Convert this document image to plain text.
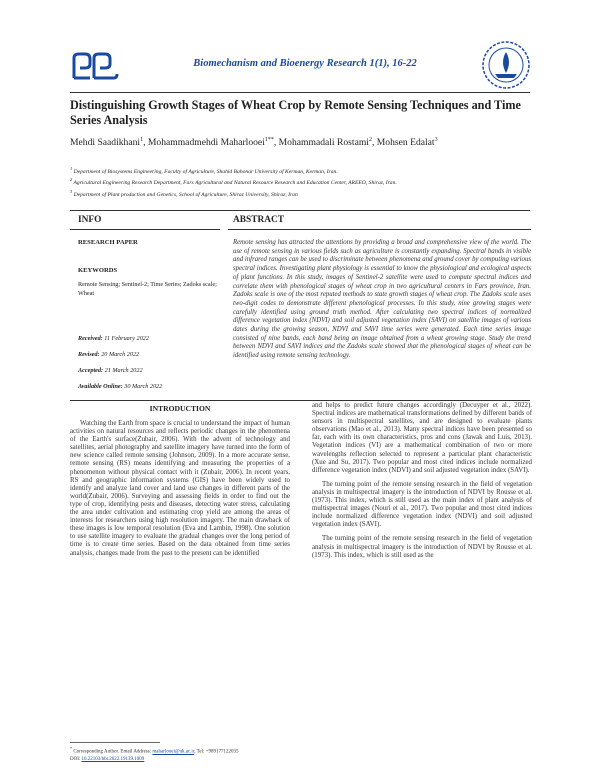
Biomechanism and Bioenergy Research 1(1), 16-22
Distinguishing Growth Stages of Wheat Crop by Remote Sensing Techniques and Time Series Analysis
Mehdi Saadikhani$^1$, Mohammadmehdi Maharlooei$^{1**}$, Mohammadali Rostami$^2$, Mohsen Edalat$^3$
$^1$ Department of Biosystems Engineering, Faculty of Agriculture, Shahid Bahonar University of Kerman, Kerman, Iran.
$^2$ Agricultural Engineering Research Department, Fars Agricultural and Natural Resource Research and Education Center, AREEO, Shiraz, Iran.
$^3$ Department of Plant production and Genetics, School of Agriculture, Shiraz University, Shiraz, Iran
INFO
RESEARCH PAPER
KEYWORDS
Remote Sensing; Sentinel-2; Time Series; Zadoks scale; Wheat
Received: 11 February 2022
Revised: 20 March 2022
Accepted: 21 March 2022
Available Online: 30 March 2022
ABSTRACT
Remote sensing has attracted the attentions by providing a broad and comprehensive view of the world. The use of remote sensing in various fields such as agriculture is constantly expanding. Spectral bands in visible and infrared ranges can be used to discriminate between phenomena and ground cover by computing various spectral indices. Investigating plant physiology is essential to know the physiological and ecological aspects of plant functions. In this study, images of Sentinel-2 satellite were used to compute spectral indices and correlate them with phenological stages of wheat crop in two agricultural centers in Fars province, Iran. Zadoks scale is one of the most reputed methods to state growth stages of wheat crop. The Zadoks scale uses two-digit codes to demonstrate different phenological processes. In this study, nine growing stages were carefully identified using ground truth method. After calculating two spectral indices of normalized difference vegetation index (NDVI) and soil adjusted vegetation index (SAVI) on satellite images of various dates during the growing season, NDVI and SAVI time series were generated. Each time series image consisted of nine bands, each band being an image obtained from a wheat growing stage. Study the trend between NDVI and SAVI indices and the Zadoks scale showed that the phenological stages of wheat can be identified using remote sensing technology.
INTRODUCTION

Watching the Earth from space is crucial to understand the impact of human activities on natural resources and reflects periodic changes in the phenomena of the Earth's surface(Zubair, 2006). With the advent of technology and satellites, aerial photography and satellite imagery have turned into the form of new science called remote sensing (Johnson, 2009). In a more accurate sense, remote sensing (RS) means identifying and measuring the properties of a phenomenon without physical contact with it (Zubair, 2006). In recent years, RS and geographic information systems (GIS) have been widely used to identify and analyze land cover and land use changes in different parts of the world(Zubair, 2006). Surveying and assessing fields in order to find out the type of crop, identifying pests and diseases, detecting water stress, calculating the area under cultivation and estimating crop yield are among the areas of interests for researchers using high resolution imagery. The main drawback of these images is low temporal resolution (Eva and Lambin, 1998). One solution to use satellite imagery to evaluate the gradual changes over the long period of time is to create time series. Based on the data obtained from time series analysis, changes made from the past to the present can be identified

and helps to predict future changes accordingly (Decuyper et al., 2022). Spectral indices are mathematical transformations defined by different bands of sensors in multispectral satellites, and are designed to evaluate plants observations (Mao et al., 2013). Many spectral indices have been presented so far, each with its own characteristics, pros and cons (Jawak and Luis, 2013). Vegetation indices (VI) are a mathematical combination of two or more wavelengths reflection selected to represent a particular plant characteristic (Xue and Su, 2017). Two popular and most cited indices include normalized difference vegetation index (NDVI) and soil adjusted vegetation index (SAVI).

The turning point of the remote sensing research in the field of vegetation analysis in multispectral imagery is the introduction of NDVI by Rousse et al. (1973). This index, which is still used as the main index of plant analysis of multispectral images (Nouri et al., 2017). Two popular and most cited indices include normalized difference vegetation index (NDVI) and soil adjusted vegetation index (SAVI).

The turning point of the remote sensing research in the field of vegetation analysis in multispectral imagery is the introduction of NDVI by Rousse et al. (1973). This index, which is still used as the

* Corresponding Author. Email Address: maharlooei@uk.ac.ir, Tel: +989177122035
DOI: 10.22103/bbr.2022.19139.1009
